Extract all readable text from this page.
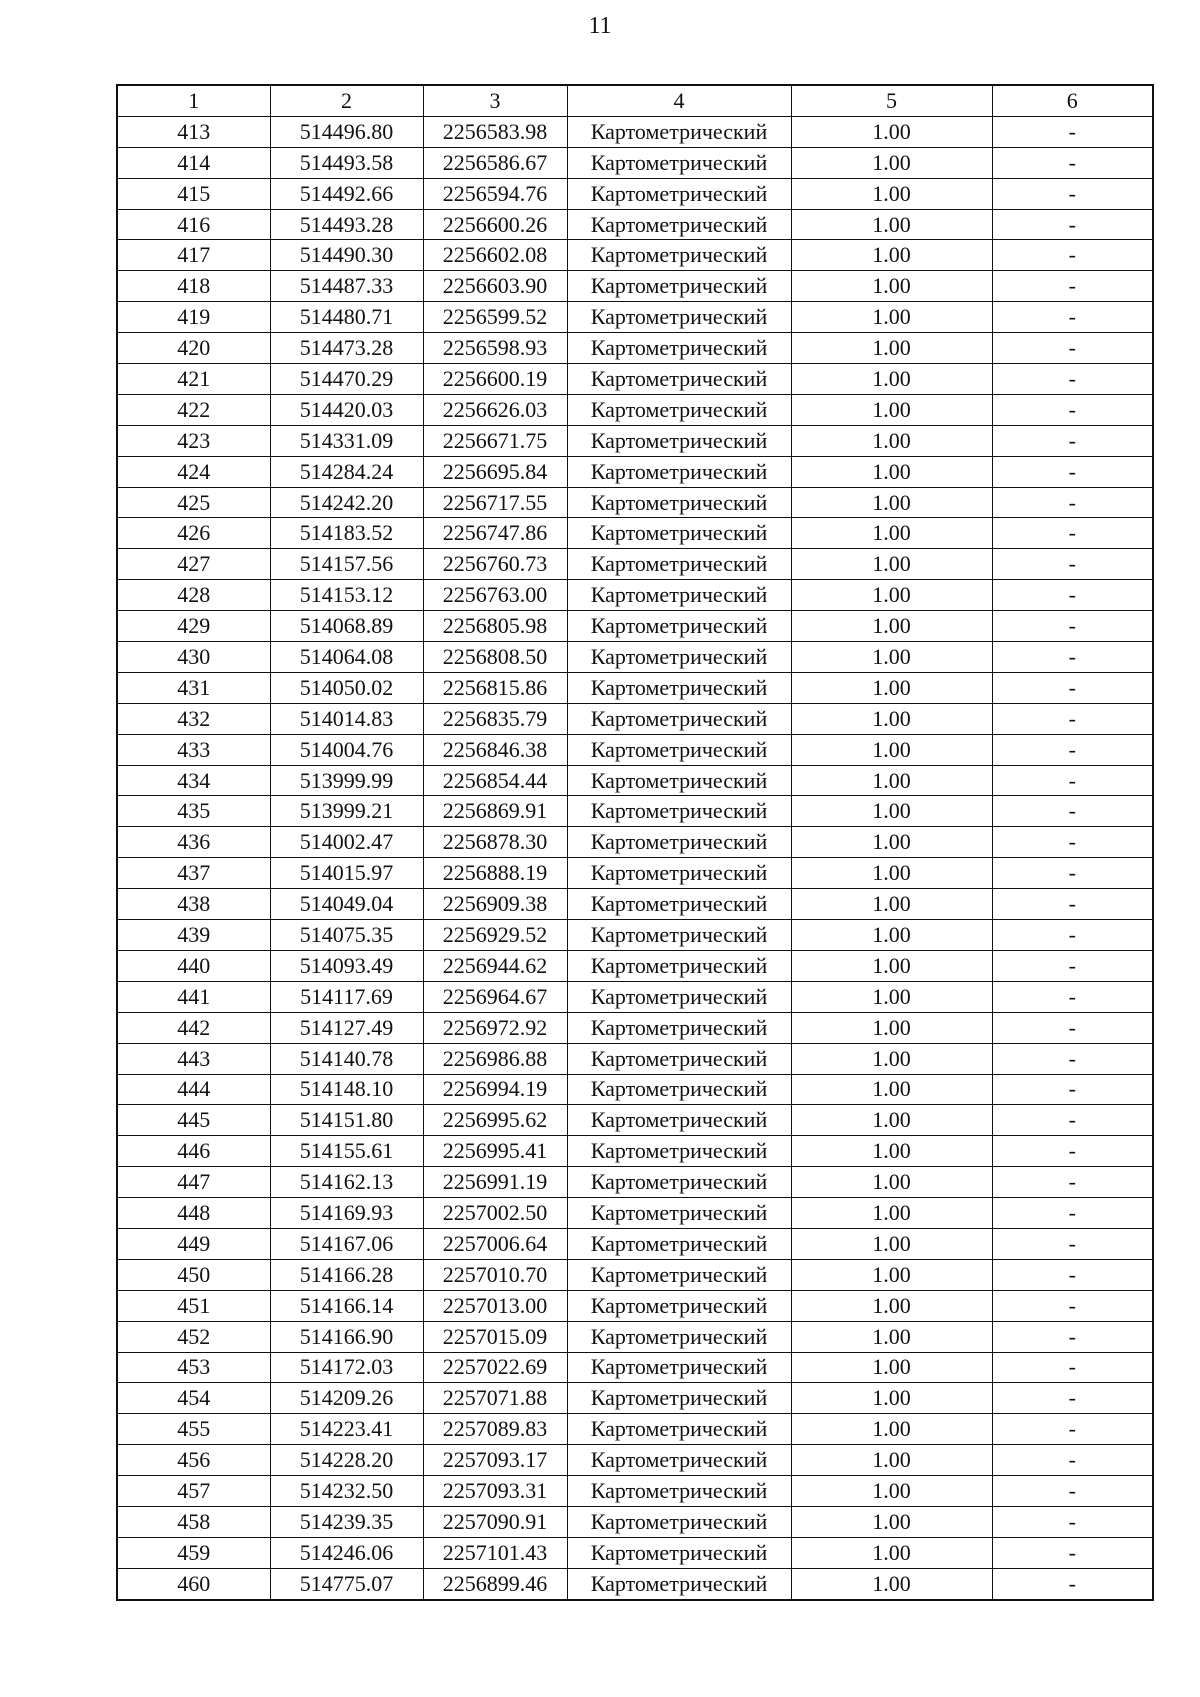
11
1	2	3	4	5	6
413	514496.80	2256583.98	Картометрический	1.00	-
414	514493.58	2256586.67	Картометрический	1.00	-
415	514492.66	2256594.76	Картометрический	1.00	-
416	514493.28	2256600.26	Картометрический	1.00	-
417	514490.30	2256602.08	Картометрический	1.00	-
418	514487.33	2256603.90	Картометрический	1.00	-
419	514480.71	2256599.52	Картометрический	1.00	-
420	514473.28	2256598.93	Картометрический	1.00	-
421	514470.29	2256600.19	Картометрический	1.00	-
422	514420.03	2256626.03	Картометрический	1.00	-
423	514331.09	2256671.75	Картометрический	1.00	-
424	514284.24	2256695.84	Картометрический	1.00	-
425	514242.20	2256717.55	Картометрический	1.00	-
426	514183.52	2256747.86	Картометрический	1.00	-
427	514157.56	2256760.73	Картометрический	1.00	-
428	514153.12	2256763.00	Картометрический	1.00	-
429	514068.89	2256805.98	Картометрический	1.00	-
430	514064.08	2256808.50	Картометрический	1.00	-
431	514050.02	2256815.86	Картометрический	1.00	-
432	514014.83	2256835.79	Картометрический	1.00	-
433	514004.76	2256846.38	Картометрический	1.00	-
434	513999.99	2256854.44	Картометрический	1.00	-
435	513999.21	2256869.91	Картометрический	1.00	-
436	514002.47	2256878.30	Картометрический	1.00	-
437	514015.97	2256888.19	Картометрический	1.00	-
438	514049.04	2256909.38	Картометрический	1.00	-
439	514075.35	2256929.52	Картометрический	1.00	-
440	514093.49	2256944.62	Картометрический	1.00	-
441	514117.69	2256964.67	Картометрический	1.00	-
442	514127.49	2256972.92	Картометрический	1.00	-
443	514140.78	2256986.88	Картометрический	1.00	-
444	514148.10	2256994.19	Картометрический	1.00	-
445	514151.80	2256995.62	Картометрический	1.00	-
446	514155.61	2256995.41	Картометрический	1.00	-
447	514162.13	2256991.19	Картометрический	1.00	-
448	514169.93	2257002.50	Картометрический	1.00	-
449	514167.06	2257006.64	Картометрический	1.00	-
450	514166.28	2257010.70	Картометрический	1.00	-
451	514166.14	2257013.00	Картометрический	1.00	-
452	514166.90	2257015.09	Картометрический	1.00	-
453	514172.03	2257022.69	Картометрический	1.00	-
454	514209.26	2257071.88	Картометрический	1.00	-
455	514223.41	2257089.83	Картометрический	1.00	-
456	514228.20	2257093.17	Картометрический	1.00	-
457	514232.50	2257093.31	Картометрический	1.00	-
458	514239.35	2257090.91	Картометрический	1.00	-
459	514246.06	2257101.43	Картометрический	1.00	-
460	514775.07	2256899.46	Картометрический	1.00	-
